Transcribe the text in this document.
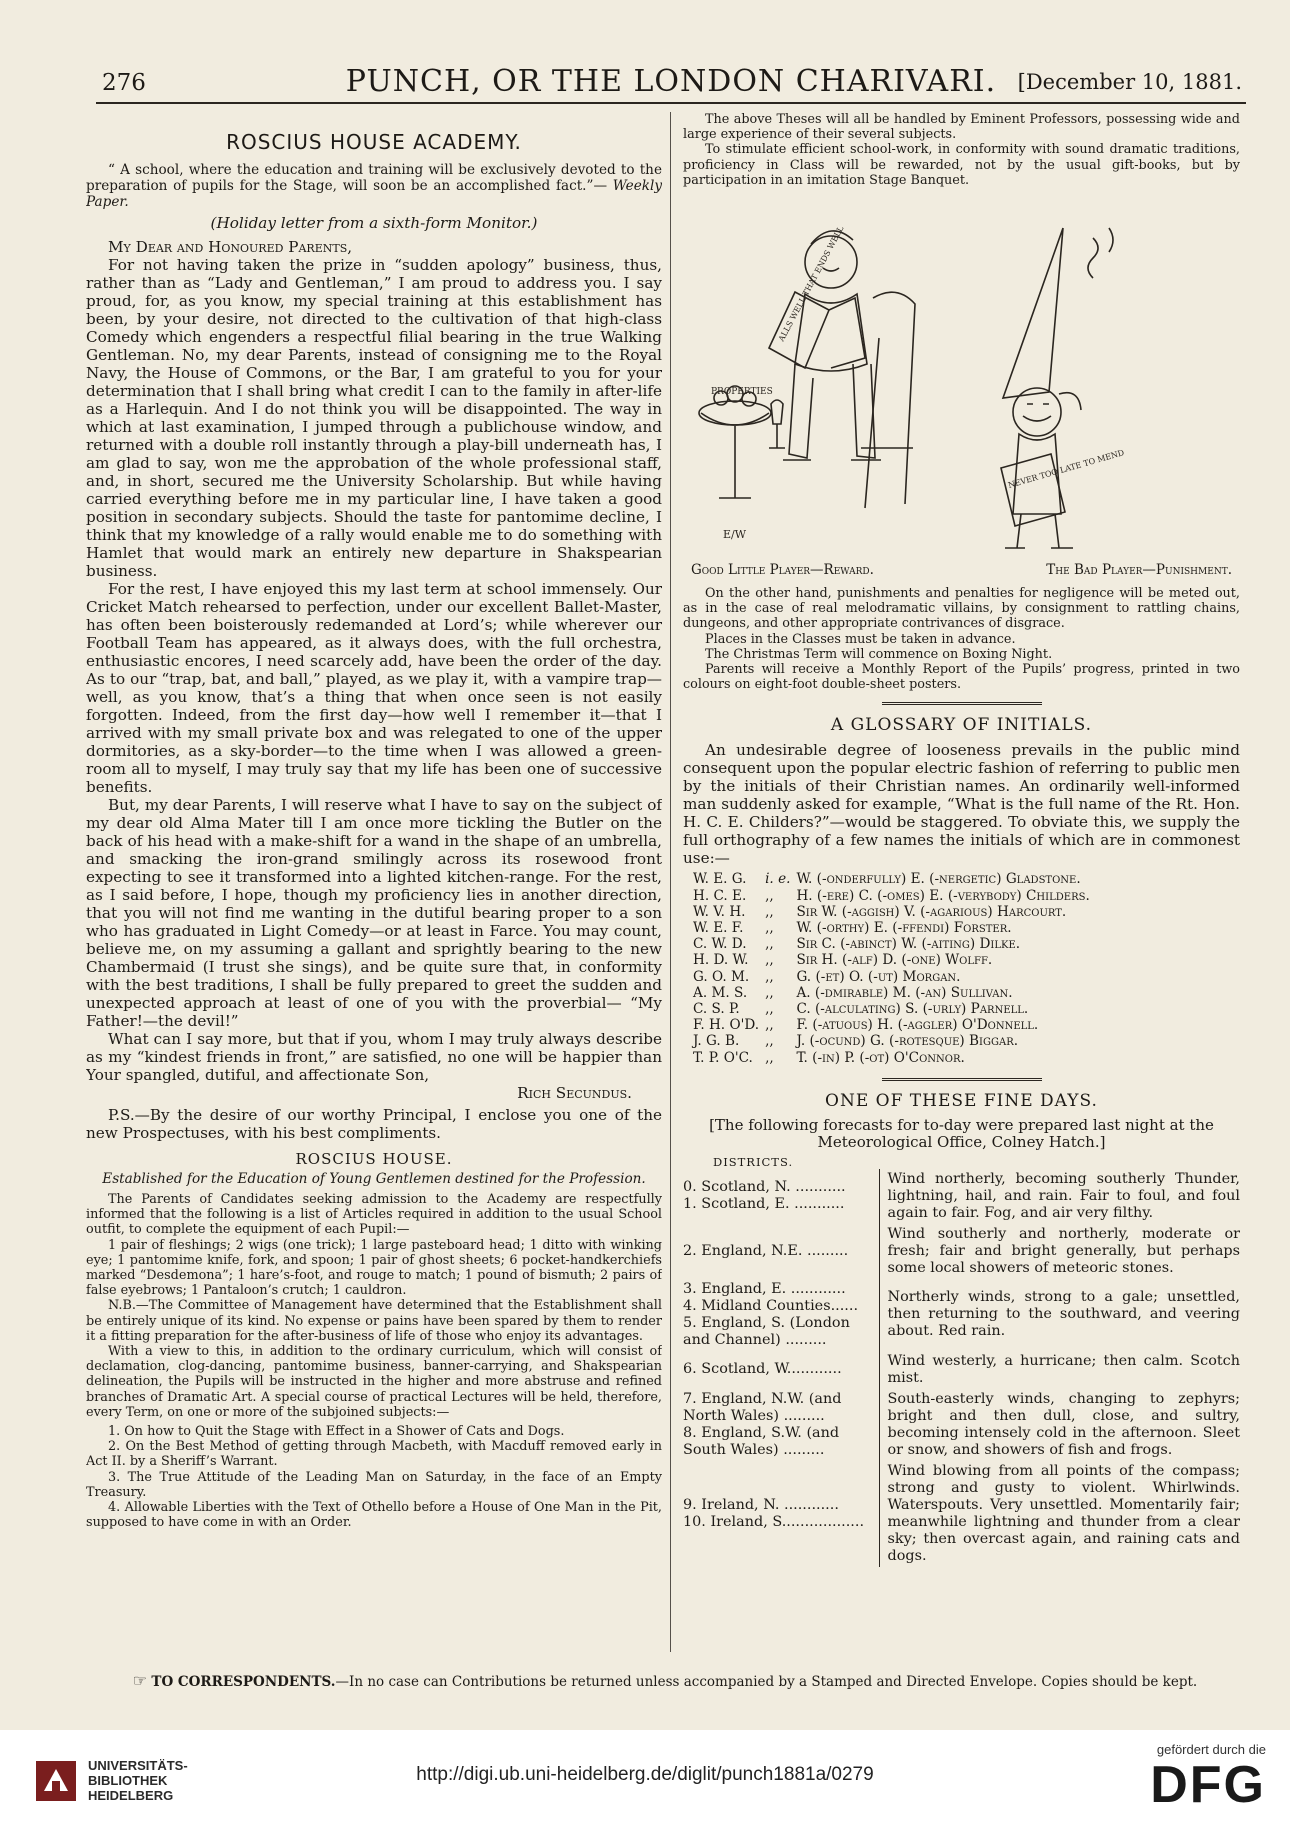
276	PUNCH, OR THE LONDON CHARIVARI.	[December 10, 1881.
ROSCIUS HOUSE ACADEMY.

“ A school, where the education and training will be exclusively devoted to the preparation of pupils for the Stage, will soon be an accomplished fact.”— Weekly Paper.

(Holiday letter from a sixth-form Monitor.)

My Dear and Honoured Parents,

For not having taken the prize in “sudden apology” business, thus, rather than as “Lady and Gentleman,” I am proud to address you. I say proud, for, as you know, my special training at this establishment has been, by your desire, not directed to the cultivation of that high-class Comedy which engenders a respectful filial bearing in the true Walking Gentleman. No, my dear Parents, instead of consigning me to the Royal Navy, the House of Commons, or the Bar, I am grateful to you for your determination that I shall bring what credit I can to the family in after-life as a Harlequin. And I do not think you will be disappointed. The way in which at last examination, I jumped through a publichouse window, and returned with a double roll instantly through a play-bill underneath has, I am glad to say, won me the approbation of the whole professional staff, and, in short, secured me the University Scholarship. But while having carried everything before me in my particular line, I have taken a good position in secondary subjects. Should the taste for pantomime decline, I think that my knowledge of a rally would enable me to do something with Hamlet that would mark an entirely new departure in Shakspearian business.

For the rest, I have enjoyed this my last term at school immensely. Our Cricket Match rehearsed to perfection, under our excellent Ballet-Master, has often been boisterously redemanded at Lord’s; while wherever our Football Team has appeared, as it always does, with the full orchestra, enthusiastic encores, I need scarcely add, have been the order of the day. As to our “trap, bat, and ball,” played, as we play it, with a vampire trap—well, as you know, that’s a thing that when once seen is not easily forgotten. Indeed, from the first day—how well I remember it—that I arrived with my small private box and was relegated to one of the upper dormitories, as a sky-border—to the time when I was allowed a green-room all to myself, I may truly say that my life has been one of successive benefits.

But, my dear Parents, I will reserve what I have to say on the subject of my dear old Alma Mater till I am once more tickling the Butler on the back of his head with a make-shift for a wand in the shape of an umbrella, and smacking the iron-grand smilingly across its rosewood front expecting to see it transformed into a lighted kitchen-range. For the rest, as I said before, I hope, though my proficiency lies in another direction, that you will not find me wanting in the dutiful bearing proper to a son who has graduated in Light Comedy—or at least in Farce. You may count, believe me, on my assuming a gallant and sprightly bearing to the new Chambermaid (I trust she sings), and be quite sure that, in conformity with the best traditions, I shall be fully prepared to greet the sudden and unexpected approach at least of one of you with the proverbial— “My Father!—the devil!”

What can I say more, but that if you, whom I may truly always describe as my “kindest friends in front,” are satisfied, no one will be happier than Your spangled, dutiful, and affectionate Son,

Rich Secundus.

P.S.—By the desire of our worthy Principal, I enclose you one of the new Prospectuses, with his best compliments.

ROSCIUS HOUSE.

Established for the Education of Young Gentlemen destined for the Profession.

The Parents of Candidates seeking admission to the Academy are respectfully informed that the following is a list of Articles required in addition to the usual School outfit, to complete the equipment of each Pupil:—

1 pair of fleshings; 2 wigs (one trick); 1 large pasteboard head; 1 ditto with winking eye; 1 pantomime knife, fork, and spoon; 1 pair of ghost sheets; 6 pocket-handkerchiefs marked “Desdemona”; 1 hare’s-foot, and rouge to match; 1 pound of bismuth; 2 pairs of false eyebrows; 1 Pantaloon’s crutch; 1 cauldron.

N.B.—The Committee of Management have determined that the Establishment shall be entirely unique of its kind. No expense or pains have been spared by them to render it a fitting preparation for the after-business of life of those who enjoy its advantages.

With a view to this, in addition to the ordinary curriculum, which will consist of declamation, clog-dancing, pantomime business, banner-carrying, and Shakspearian delineation, the Pupils will be instructed in the higher and more abstruse and refined branches of Dramatic Art. A special course of practical Lectures will be held, therefore, every Term, on one or more of the subjoined subjects:—

1. On how to Quit the Stage with Effect in a Shower of Cats and Dogs.

2. On the Best Method of getting through Macbeth, with Macduff removed early in Act II. by a Sheriff’s Warrant.

3. The True Attitude of the Leading Man on Saturday, in the face of an Empty Treasury.

4. Allowable Liberties with the Text of Othello before a House of One Man in the Pit, supposed to have come in with an Order.

The above Theses will all be handled by Eminent Professors, possessing wide and large experience of their several subjects.

To stimulate efficient school-work, in conformity with sound dramatic traditions, proficiency in Class will be rewarded, not by the usual gift-books, but by participation in an imitation Stage Banquet.

PROPERTIES
ALLS WELL THAT ENDS WELL
NEVER TOO LATE TO MEND
E/W
Good Little Player—Reward.	The Bad Player—Punishment.

On the other hand, punishments and penalties for negligence will be meted out, as in the case of real melodramatic villains, by consignment to rattling chains, dungeons, and other appropriate contrivances of disgrace.

Places in the Classes must be taken in advance.

The Christmas Term will commence on Boxing Night.

Parents will receive a Monthly Report of the Pupils’ progress, printed in two colours on eight-foot double-sheet posters.

A GLOSSARY OF INITIALS.

An undesirable degree of looseness prevails in the public mind consequent upon the popular electric fashion of referring to public men by the initials of their Christian names. An ordinarily well-informed man suddenly asked for example, “What is the full name of the Rt. Hon. H. C. E. Childers?”—would be staggered. To obviate this, we supply the full orthography of a few names the initials of which are in commonest use:—

W. E. G.	i. e.	W. (-onderfully) E. (-nergetic) Gladstone.
H. C. E.	,,	H. (-ere) C. (-omes) E. (-verybody) Childers.
W. V. H.	,,	Sir W. (-aggish) V. (-agarious) Harcourt.
W. E. F.	,,	W. (-orthy) E. (-ffendi) Forster.
C. W. D.	,,	Sir C. (-abinct) W. (-aiting) Dilke.
H. D. W.	,,	Sir H. (-alf) D. (-one) Wolff.
G. O. M.	,,	G. (-et) O. (-ut) Morgan.
A. M. S.	,,	A. (-dmirable) M. (-an) Sullivan.
C. S. P.	,,	C. (-alculating) S. (-urly) Parnell.
F. H. O'D.	,,	F. (-atuous) H. (-aggler) O'Donnell.
J. G. B.	,,	J. (-ocund) G. (-rotesque) Biggar.
T. P. O'C.	,,	T. (-in) P. (-ot) O'Connor.
ONE OF THESE FINE DAYS.

[The following forecasts for to-day were prepared last night at the Meteorological Office, Colney Hatch.]

DISTRICTS.
0. Scotland, N. ...........
1. Scotland, E. ...........	Wind northerly, becoming southerly Thunder, lightning, hail, and rain. Fair to foul, and foul again to fair. Fog, and air very filthy.

2. England, N.E. .........	Wind southerly and northerly, moderate or fresh; fair and bright generally, but perhaps some local showers of meteoric stones.

3. England, E. ............
4. Midland Counties......
5. England, S. (London and Channel) .........	Northerly winds, strong to a gale; unsettled, then returning to the southward, and veering about. Red rain.

6. Scotland, W............	Wind westerly, a hurricane; then calm. Scotch mist.

7. England, N.W. (and North Wales) .........
8. England, S.W. (and South Wales) .........	South-easterly winds, changing to zephyrs; bright and then dull, close, and sultry, becoming intensely cold in the afternoon. Sleet or snow, and showers of fish and frogs.

9. Ireland, N. ............
10. Ireland, S..................	Wind blowing from all points of the compass; strong and gusty to violent. Whirlwinds. Waterspouts. Very unsettled. Momentarily fair; meanwhile lightning and thunder from a clear sky; then overcast again, and raining cats and dogs.
☞ TO CORRESPONDENTS.—In no case can Contributions be returned unless accompanied by a Stamped and Directed Envelope. Copies should be kept.
UNIVERSITÄTS-
BIBLIOTHEK
HEIDELBERG
http://digi.ub.uni-heidelberg.de/diglit/punch1881a/0279
gefördert durch die
DFG
